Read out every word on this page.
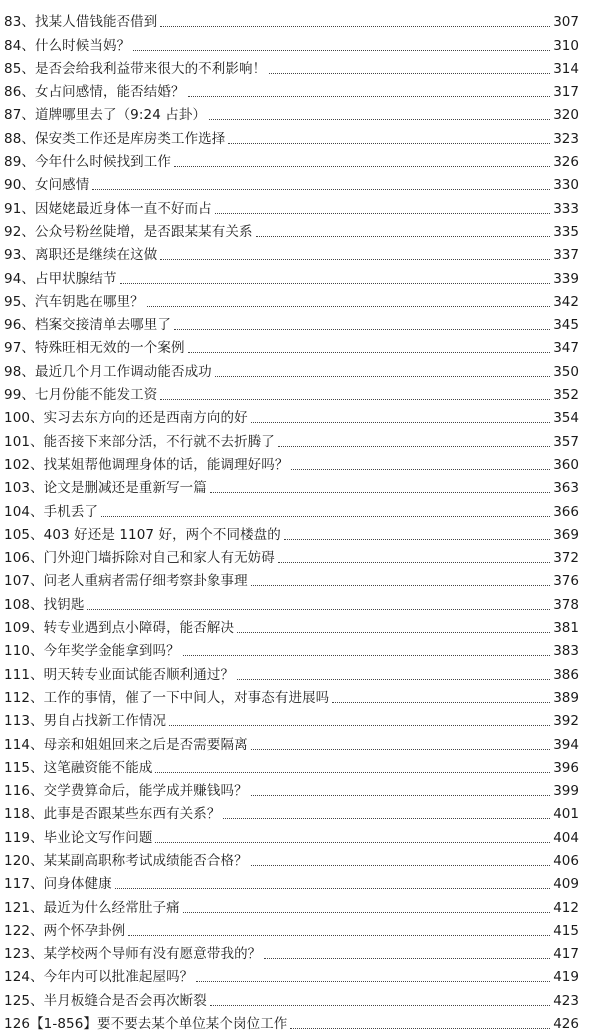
83、找某人借钱能否借到	307
84、什么时候当妈？	310
85、是否会给我利益带来很大的不利影响！	314
86、女占问感情，能否结婚？	317
87、道牌哪里去了（9:24 占卦）	320
88、保安类工作还是库房类工作选择	323
89、今年什么时候找到工作	326
90、女问感情	330
91、因姥姥最近身体一直不好而占	333
92、公众号粉丝陡增，是否跟某某有关系	335
93、离职还是继续在这做	337
94、占甲状腺结节	339
95、汽车钥匙在哪里？	342
96、档案交接清单去哪里了	345
97、特殊旺相无效的一个案例	347
98、最近几个月工作调动能否成功	350
99、七月份能不能发工资	352
100、实习去东方向的还是西南方向的好	354
101、能否接下来部分活，不行就不去折腾了	357
102、找某姐帮他调理身体的话，能调理好吗？	360
103、论文是删减还是重新写一篇	363
104、手机丢了	366
105、403 好还是 1107 好，两个不同楼盘的	369
106、门外迎门墙拆除对自己和家人有无妨碍	372
107、问老人重病者需仔细考察卦象事理	376
108、找钥匙	378
109、转专业遇到点小障碍，能否解决	381
110、今年奖学金能拿到吗？	383
111、明天转专业面试能否顺利通过？	386
112、工作的事情，催了一下中间人，对事态有进展吗	389
113、男自占找新工作情况	392
114、母亲和姐姐回来之后是否需要隔离	394
115、这笔融资能不能成	396
116、交学费算命后，能学成并赚钱吗？	399
118、此事是否跟某些东西有关系？	401
119、毕业论文写作问题	404
120、某某副高职称考试成绩能否合格？	406
117、问身体健康	409
121、最近为什么经常肚子痛	412
122、两个怀孕卦例	415
123、某学校两个导师有没有愿意带我的？	417
124、今年内可以批准起屋吗？	419
125、半月板缝合是否会再次断裂	423
126【1-856】要不要去某个单位某个岗位工作	426
